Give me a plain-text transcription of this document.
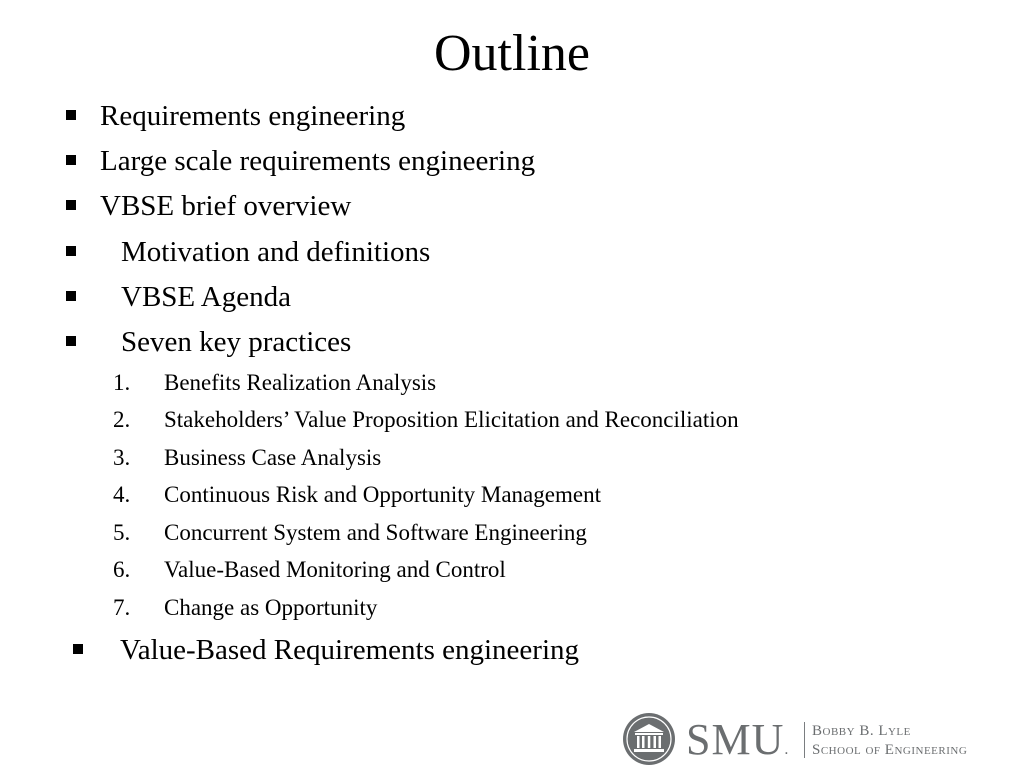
Outline
Requirements engineering
Large scale requirements engineering
VBSE brief overview
Motivation and definitions
VBSE Agenda
Seven key practices
1. Benefits Realization Analysis
2. Stakeholders’ Value Proposition Elicitation and Reconciliation
3. Business Case Analysis
4. Continuous Risk and Opportunity Management
5. Concurrent System and Software Engineering
6. Value-Based Monitoring and Control
7. Change as Opportunity
Value-Based Requirements engineering
SMU.
Bobby B. Lyle
School of Engineering
